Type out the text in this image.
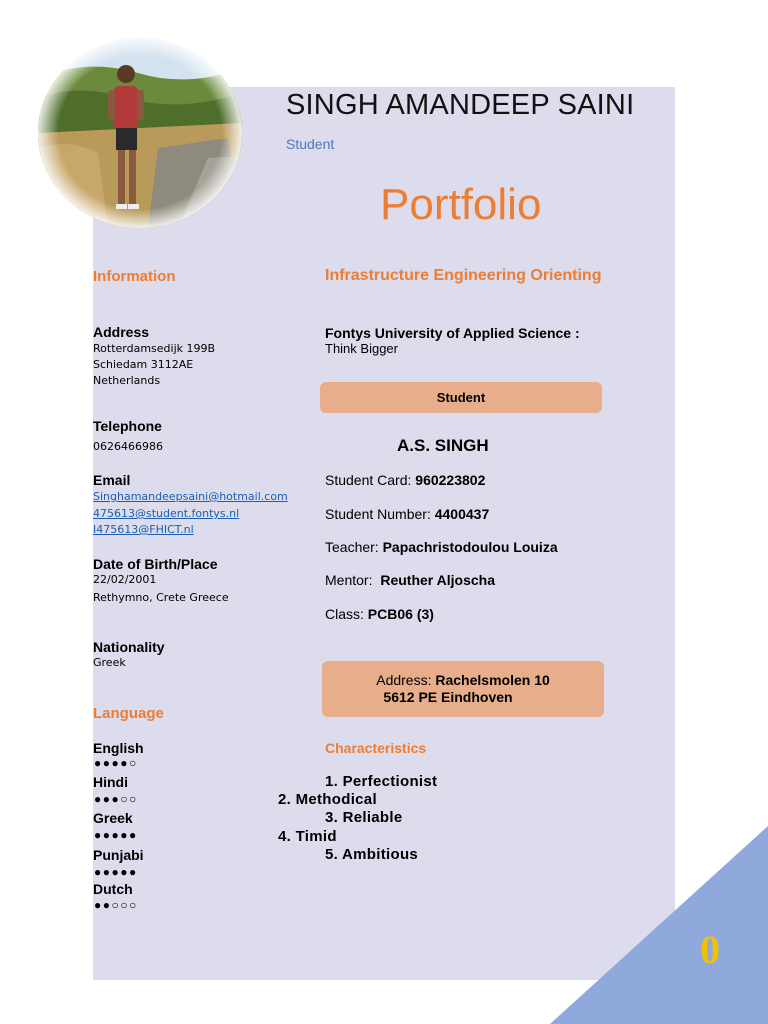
0
SINGH AMANDEEP SAINI
Student
Portfolio
Information
Address
Rotterdamsedijk 199B
Schiedam 3112AE
Netherlands
Telephone
0626466986
Email
Singhamandeepsaini@hotmail.com
475613@student.fontys.nl
I475613@FHICT.nl
Date of Birth/Place
22/02/2001
Rethymno, Crete Greece
Nationality
Greek
Language
English
●●●●○
Hindi
●●●○○
Greek
●●●●●
Punjabi
●●●●●
Dutch
●●○○○
Infrastructure Engineering Orienting
Fontys University of Applied Science :
Think Bigger
Student
A.S. SINGH
Student Card: 960223802
Student Number: 4400437
Teacher: Papachristodoulou Louiza
Mentor: Reuther Aljoscha
Class: PCB06 (3)
Address: Rachelsmolen 10
5612 PE Eindhoven
Characteristics
1. Perfectionist
2. Methodical
3. Reliable
4. Timid
5. Ambitious
